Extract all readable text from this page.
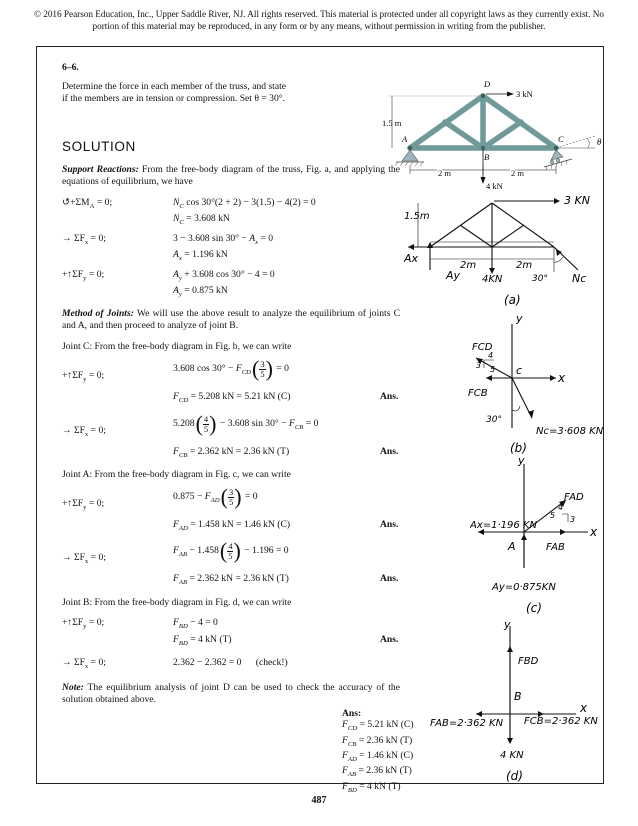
© 2016 Pearson Education, Inc., Upper Saddle River, NJ. All rights reserved. This material is protected under all copyright laws as they currently exist. No portion of this material may be reproduced, in any form or by any means, without permission in writing from the publisher.
6–6.
Determine the force in each member of the truss, and state
if the members are in tension or compression. Set θ = 30°.
θ
3 kN
4 kN
D
A
B
C
1.5 m
2 m	2 m
SOLUTION
Support Reactions: From the free-body diagram of the truss, Fig. a, and applying the equations of equilibrium, we have
$↺+\Sigma M_A = 0$;	$N_C$ cos 30°(2 + 2) − 3(1.5) − 4(2) = 0
$N_C = 3.608$ kN
→ $\Sigma F_x = 0$;	3 − 3.608 $\sin 30^\circ - A_x = 0$
$A_x = 1.196$ kN
$+↑\Sigma F_y = 0$;	$A_y + 3.608$ cos 30° − 4 = 0
$A_y = 0.875$ kN
Method of Joints: We will use the above result to analyze the equilibrium of joints C and A, and then proceed to analyze of joint B.
Joint C: From the free-body diagram in Fig. b, we can write
$+↑\Sigma F_y = 0$;
3.608 $\cos 30^\circ - F_{CD}$ ( 3
5 ) = 0
$F_{CD} = 5.208$ kN = 5.21 kN (C)	Ans.
→ $\Sigma F_x = 0$;
5.208 ( 4
5 ) − 3.608 $\sin 30^\circ - F_{CB} = 0$
$F_{CB} = 2.362$ kN = 2.36 kN (T)	Ans.
Joint A: From the free-body diagram in Fig. c, we can write
$+↑\Sigma F_y = 0$;
$0.875 - F_{AD}$ ( 3
5 ) = 0
$F_{AD} = 1.458$ kN = 1.46 kN (C)	Ans.
→ $\Sigma F_x = 0$;
$F_{AB} - 1.458$ ( 4
5 ) − 1.196 = 0
$F_{AB} = 2.362$ kN = 2.36 kN (T)	Ans.
Joint B: From the free-body diagram in Fig. d, we can write
$+↑\Sigma F_y = 0$;	$F_{BD} - 4 = 0$
$F_{BD} = 4$ kN (T)	Ans.
→ $\Sigma F_x = 0$;	2.362 − 2.362 = 0      (check!)
Note: The equilibrium analysis of joint D can be used to check the accuracy of the solution obtained above.
Ans:
$F_{CD} = 5.21$ kN (C)
$F_{CB} = 2.36$ kN (T)
$F_{AD} = 1.46$ kN (C)
$F_{AB} = 2.36$ kN (T)
$F_{BD} = 4$ kN (T)
3 KN
1.5m
Ax
Ay 4KN
2m	2m
30° Nc
(a)
y
FCD
3
4
5 c
x
FCB
30°
Nc=3·608 KN
(b)
y
FAD
5 3
4
Ax=1·196 KN
A
x
FAB
Ay=0·875KN
(c)
y
FBD
B
x
FAB=2·362 KN FCB=2·362 KN
4 KN
(d)
487
